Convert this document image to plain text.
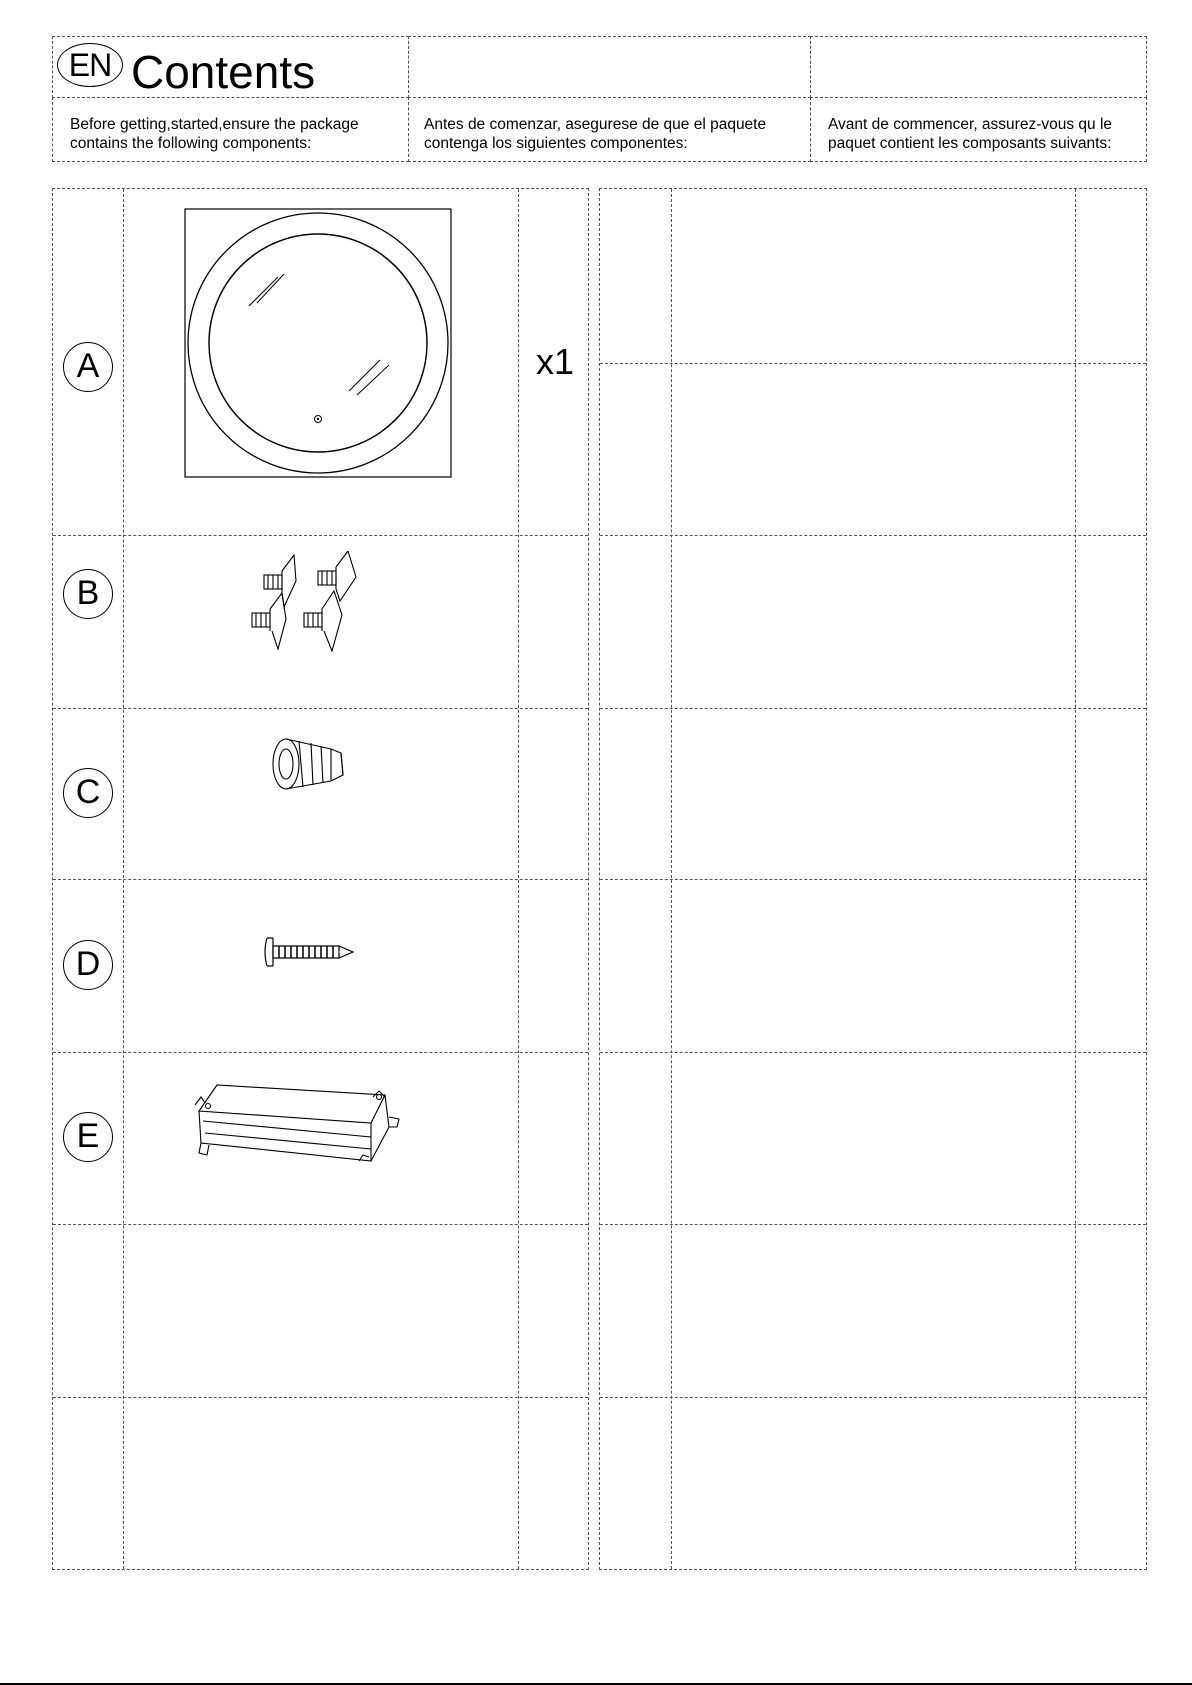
EN Contents
Before getting,started,ensure the package contains the following components:
Antes de comenzar, asegurese de que el paquete contenga los siguientes componentes:
Avant de commencer, assurez-vous qu le paquet contient les composants suivants:
A	x1
B
C
D
E
